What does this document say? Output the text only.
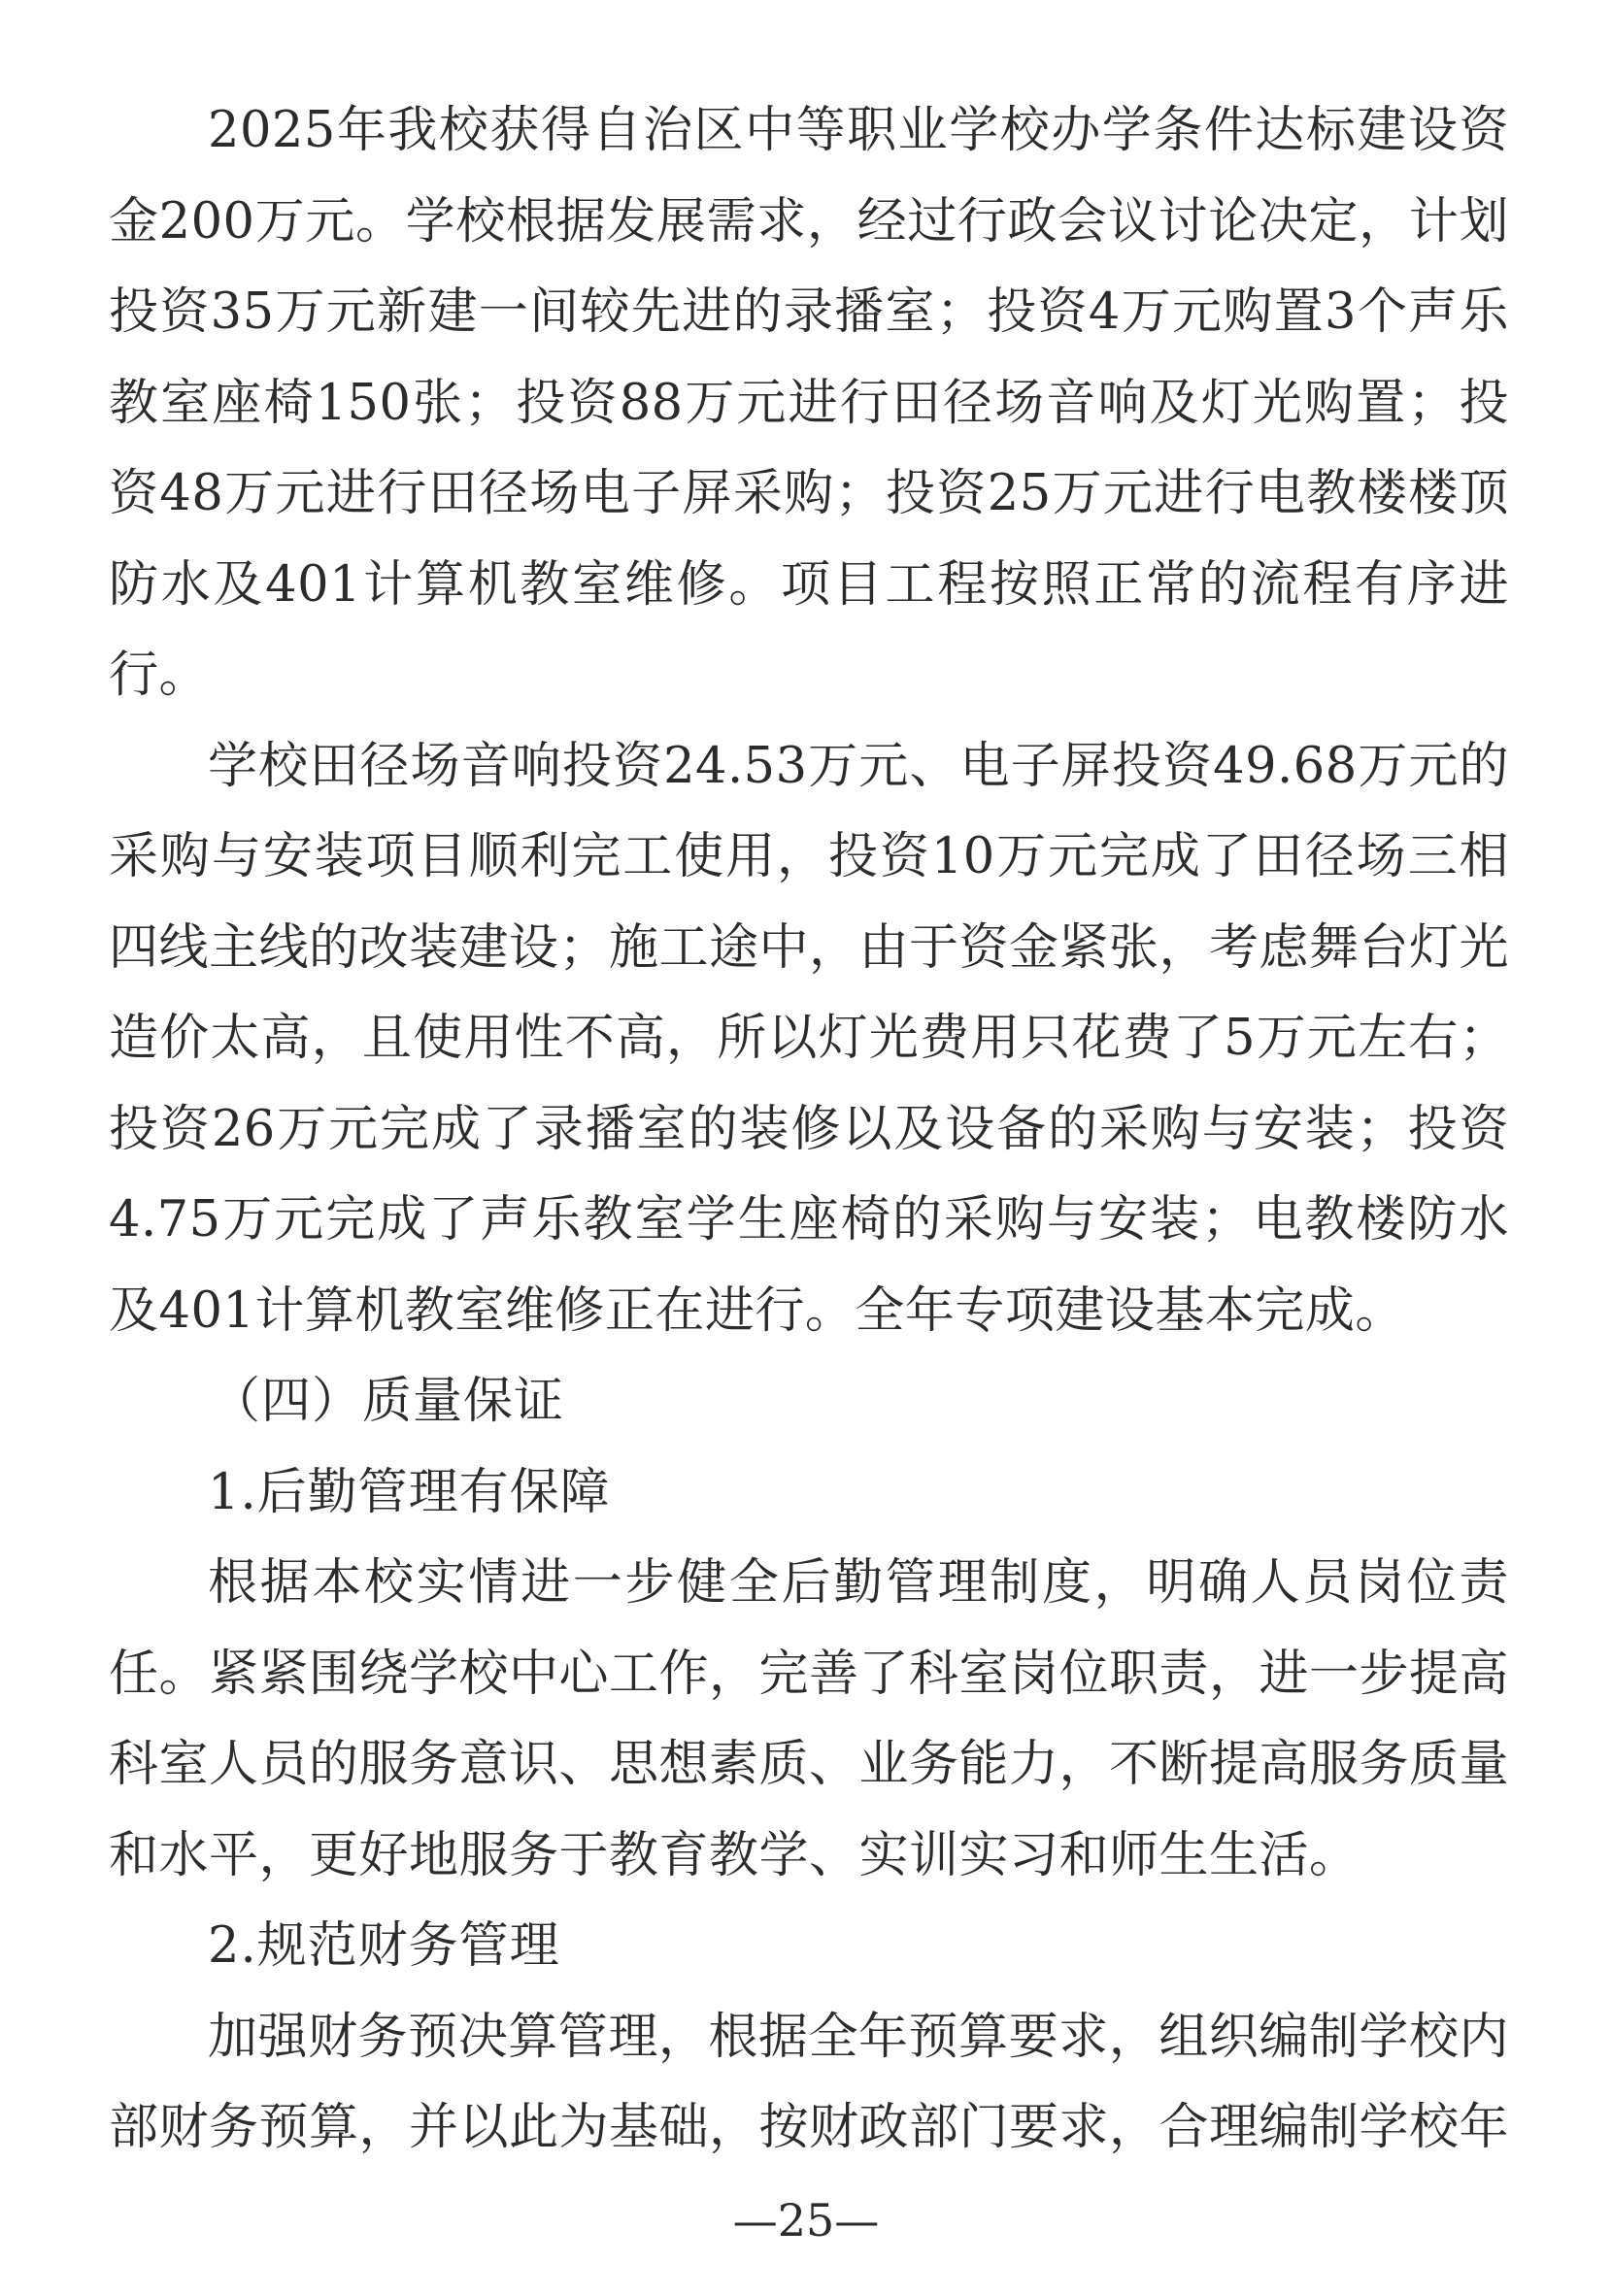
2025年我校获得自治区中等职业学校办学条件达标建设资金200万元。学校根据发展需求，经过行政会议讨论决定，计划投资35万元新建一间较先进的录播室；投资4万元购置3个声乐教室座椅150张；投资88万元进行田径场音响及灯光购置；投资48万元进行田径场电子屏采购；投资25万元进行电教楼楼顶防水及401计算机教室维修。项目工程按照正常的流程有序进行。

学校田径场音响投资24.53万元、电子屏投资49.68万元的采购与安装项目顺利完工使用，投资10万元完成了田径场三相四线主线的改装建设；施工途中，由于资金紧张，考虑舞台灯光造价太高，且使用性不高，所以灯光费用只花费了5万元左右；投资26万元完成了录播室的装修以及设备的采购与安装；投资4.75万元完成了声乐教室学生座椅的采购与安装；电教楼防水及401计算机教室维修正在进行。全年专项建设基本完成。

（四）质量保证

1.后勤管理有保障

根据本校实情进一步健全后勤管理制度，明确人员岗位责任。紧紧围绕学校中心工作，完善了科室岗位职责，进一步提高科室人员的服务意识、思想素质、业务能力，不断提高服务质量和水平，更好地服务于教育教学、实训实习和师生生活。

2.规范财务管理

加强财务预决算管理，根据全年预算要求，组织编制学校内部财务预算，并以此为基础，按财政部门要求，合理编制学校年

—25—
